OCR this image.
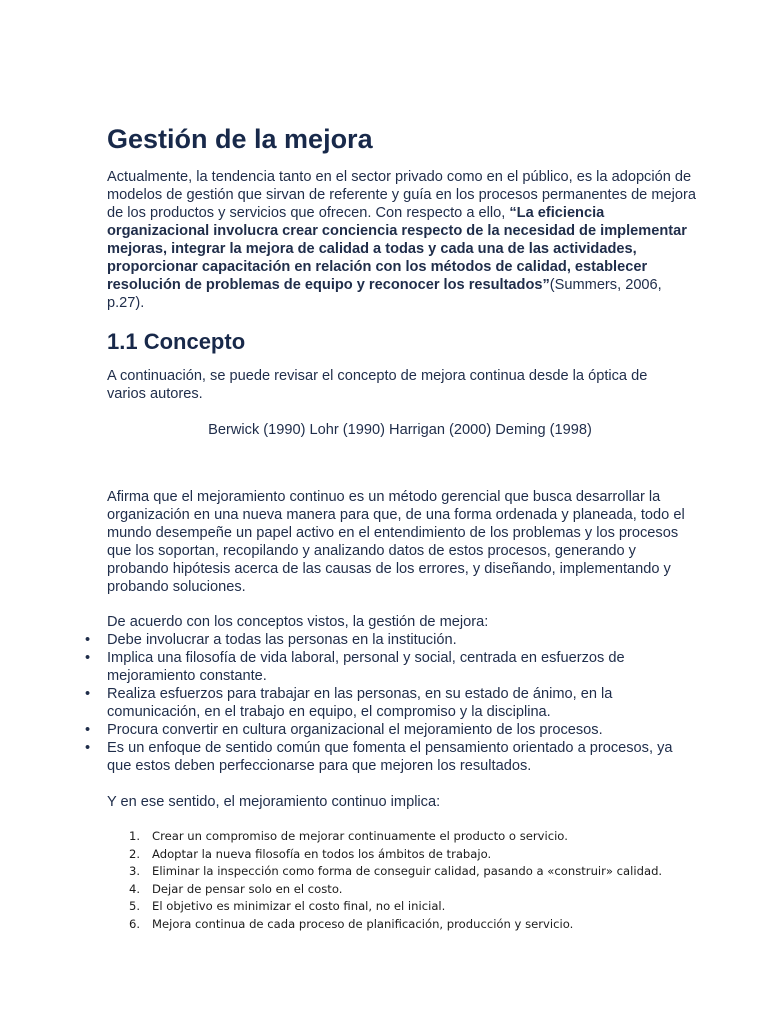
Gestión de la mejora

Actualmente, la tendencia tanto en el sector privado como en el público, es la adopción de modelos de gestión que sirvan de referente y guía en los procesos permanentes de mejora de los productos y servicios que ofrecen. Con respecto a ello, “La eficiencia organizacional involucra crear conciencia respecto de la necesidad de implementar mejoras, integrar la mejora de calidad a todas y cada una de las actividades, proporcionar capacitación en relación con los métodos de calidad, establecer resolución de problemas de equipo y reconocer los resultados”(Summers, 2006, p.27).

1.1 Concepto

A continuación, se puede revisar el concepto de mejora continua desde la óptica de varios autores.

Berwick (1990) Lohr (1990) Harrigan (2000) Deming (1998)

Afirma que el mejoramiento continuo es un método gerencial que busca desarrollar la organización en una nueva manera para que, de una forma ordenada y planeada, todo el mundo desempeñe un papel activo en el entendimiento de los problemas y los procesos que los soportan, recopilando y analizando datos de estos procesos, generando y probando hipótesis acerca de las causas de los errores, y diseñando, implementando y probando soluciones.

De acuerdo con los conceptos vistos, la gestión de mejora:

• Debe involucrar a todas las personas en la institución.
• Implica una filosofía de vida laboral, personal y social, centrada en esfuerzos de mejoramiento constante.
• Realiza esfuerzos para trabajar en las personas, en su estado de ánimo, en la comunicación, en el trabajo en equipo, el compromiso y la disciplina.
• Procura convertir en cultura organizacional el mejoramiento de los procesos.
• Es un enfoque de sentido común que fomenta el pensamiento orientado a procesos, ya que estos deben perfeccionarse para que mejoren los resultados.

Y en ese sentido, el mejoramiento continuo implica:

1. Crear un compromiso de mejorar continuamente el producto o servicio.
2. Adoptar la nueva filosofía en todos los ámbitos de trabajo.
3. Eliminar la inspección como forma de conseguir calidad, pasando a «construir» calidad.
4. Dejar de pensar solo en el costo.
5. El objetivo es minimizar el costo final, no el inicial.
6. Mejora continua de cada proceso de planificación, producción y servicio.
